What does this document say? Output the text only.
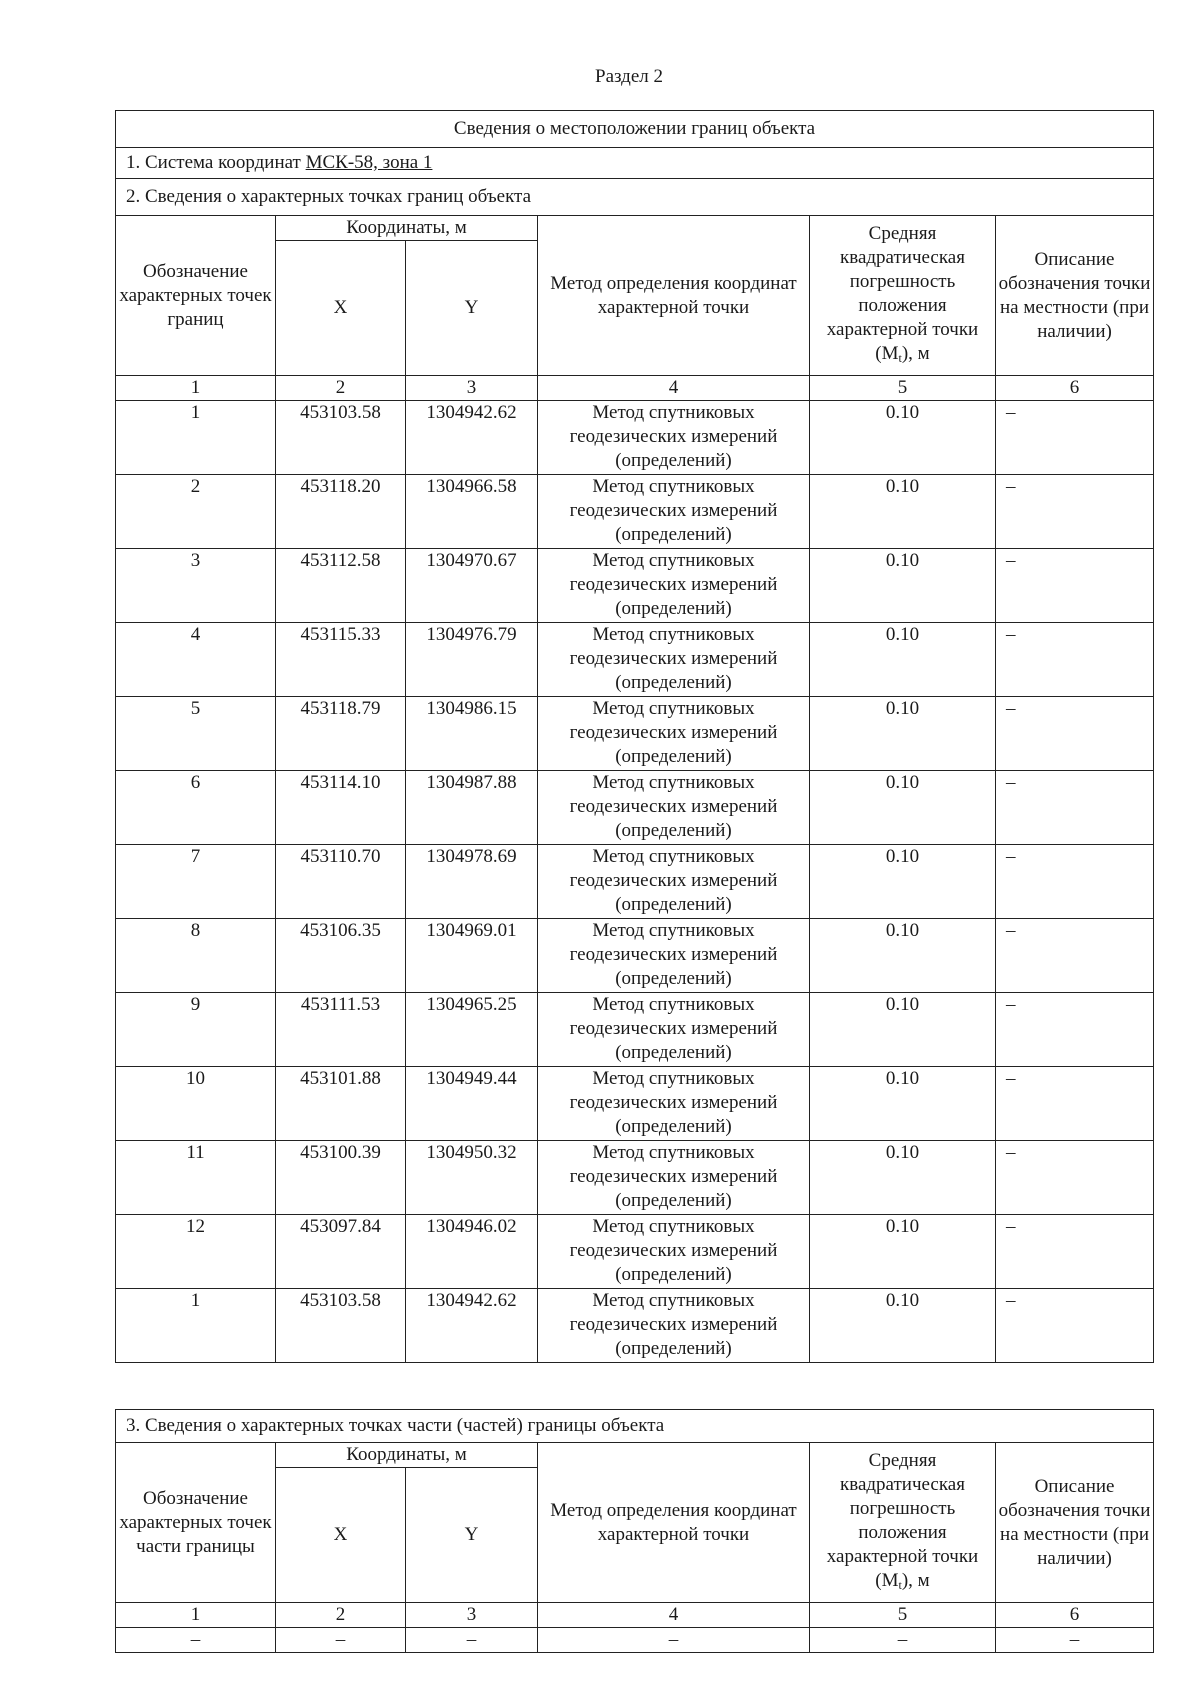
Раздел 2
Сведения о местоположении границ объекта					
1. Система координат МСК-58, зона 1					
2. Сведения о характерных точках границ объекта					
Обозначение характерных точек границ	Координаты, м		Метод определения координат характерной точки	Средняя квадратическая погрешность положения характерной точки $(M_t)$, м	Описание обозначения точки на местности (при наличии)
	X	Y			
1	2	3	4	5	6
1	453103.58	1304942.62	Метод спутниковых геодезических измерений (определений)	0.10	–
2	453118.20	1304966.58	Метод спутниковых геодезических измерений (определений)	0.10	–
3	453112.58	1304970.67	Метод спутниковых геодезических измерений (определений)	0.10	–
4	453115.33	1304976.79	Метод спутниковых геодезических измерений (определений)	0.10	–
5	453118.79	1304986.15	Метод спутниковых геодезических измерений (определений)	0.10	–
6	453114.10	1304987.88	Метод спутниковых геодезических измерений (определений)	0.10	–
7	453110.70	1304978.69	Метод спутниковых геодезических измерений (определений)	0.10	–
8	453106.35	1304969.01	Метод спутниковых геодезических измерений (определений)	0.10	–
9	453111.53	1304965.25	Метод спутниковых геодезических измерений (определений)	0.10	–
10	453101.88	1304949.44	Метод спутниковых геодезических измерений (определений)	0.10	–
11	453100.39	1304950.32	Метод спутниковых геодезических измерений (определений)	0.10	–
12	453097.84	1304946.02	Метод спутниковых геодезических измерений (определений)	0.10	–
1	453103.58	1304942.62	Метод спутниковых геодезических измерений (определений)	0.10	–
3. Сведения о характерных точках части (частей) границы объекта					
Обозначение характерных точек части границы	Координаты, м		Метод определения координат характерной точки	Средняя квадратическая погрешность положения характерной точки $(M_t)$, м	Описание обозначения точки на местности (при наличии)
	X	Y			
1	2	3	4	5	6
–	–	–	–	–	–
